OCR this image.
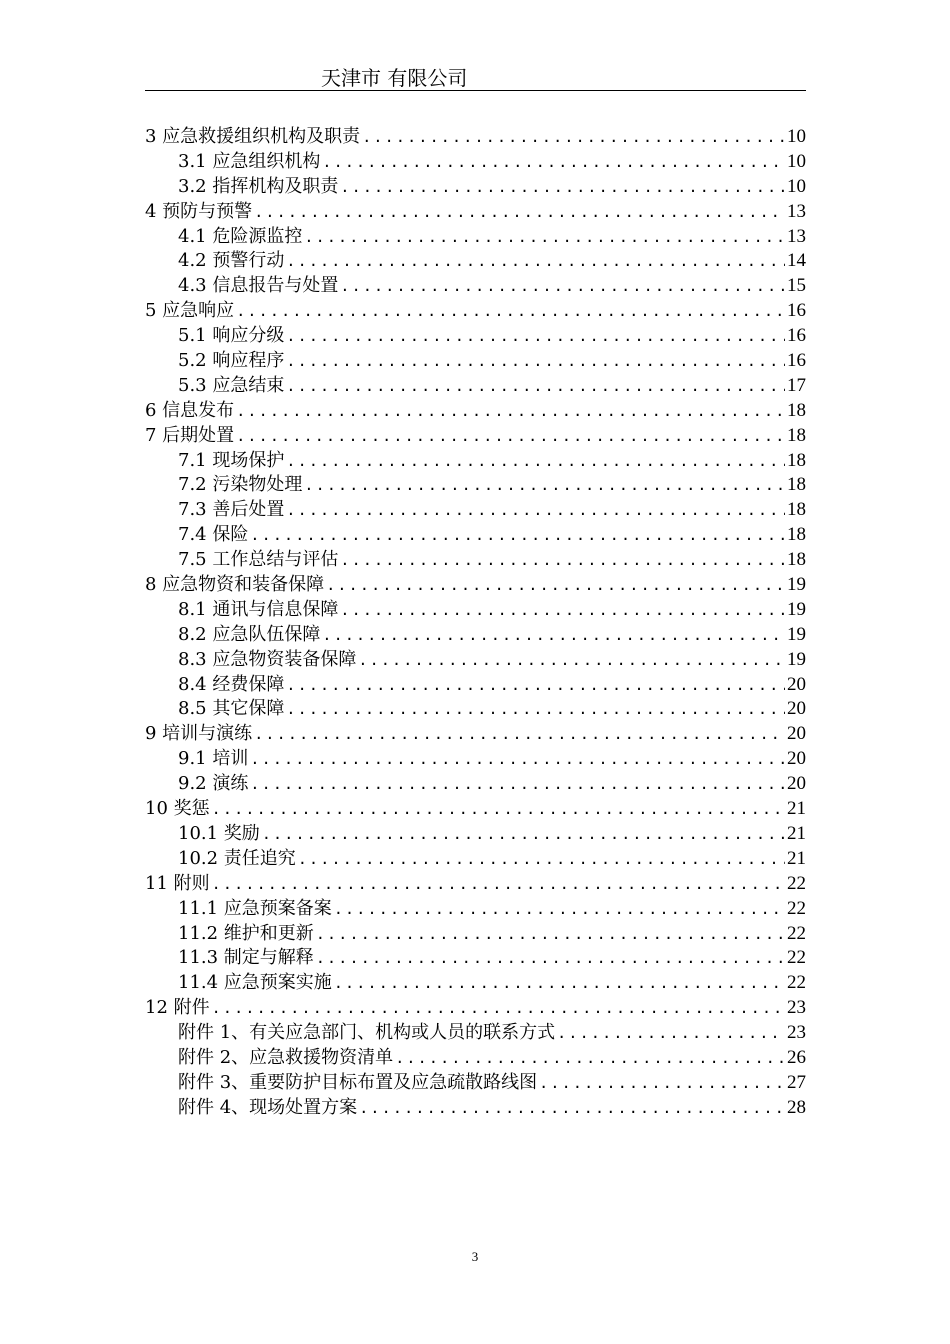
天津市 有限公司
3 应急救援组织机构及职责 .....	10
3.1 应急组织机构 .....	10
3.2 指挥机构及职责 .....	10
4 预防与预警 .....	13
4.1 危险源监控 .....	13
4.2 预警行动 .....	14
4.3 信息报告与处置 .....	15
5 应急响应 .....	16
5.1 响应分级 .....	16
5.2 响应程序 .....	16
5.3 应急结束 .....	17
6 信息发布 .....	18
7 后期处置 .....	18
7.1 现场保护 .....	18
7.2 污染物处理 .....	18
7.3 善后处置 .....	18
7.4 保险 .....	18
7.5 工作总结与评估 .....	18
8 应急物资和装备保障 .....	19
8.1 通讯与信息保障 .....	19
8.2 应急队伍保障 .....	19
8.3 应急物资装备保障 .....	19
8.4 经费保障 .....	20
8.5 其它保障 .....	20
9 培训与演练 .....	20
9.1 培训 .....	20
9.2 演练 .....	20
10 奖惩 .....	21
10.1 奖励 .....	21
10.2 责任追究 .....	21
11 附则 .....	22
11.1 应急预案备案 .....	22
11.2 维护和更新 .....	22
11.3 制定与解释 .....	22
11.4 应急预案实施 .....	22
12 附件 .....	23
附件 1、有关应急部门、机构或人员的联系方式 .....	23
附件 2、应急救援物资清单 .....	26
附件 3、重要防护目标布置及应急疏散路线图 .....	27
附件 4、现场处置方案 .....	28
3
